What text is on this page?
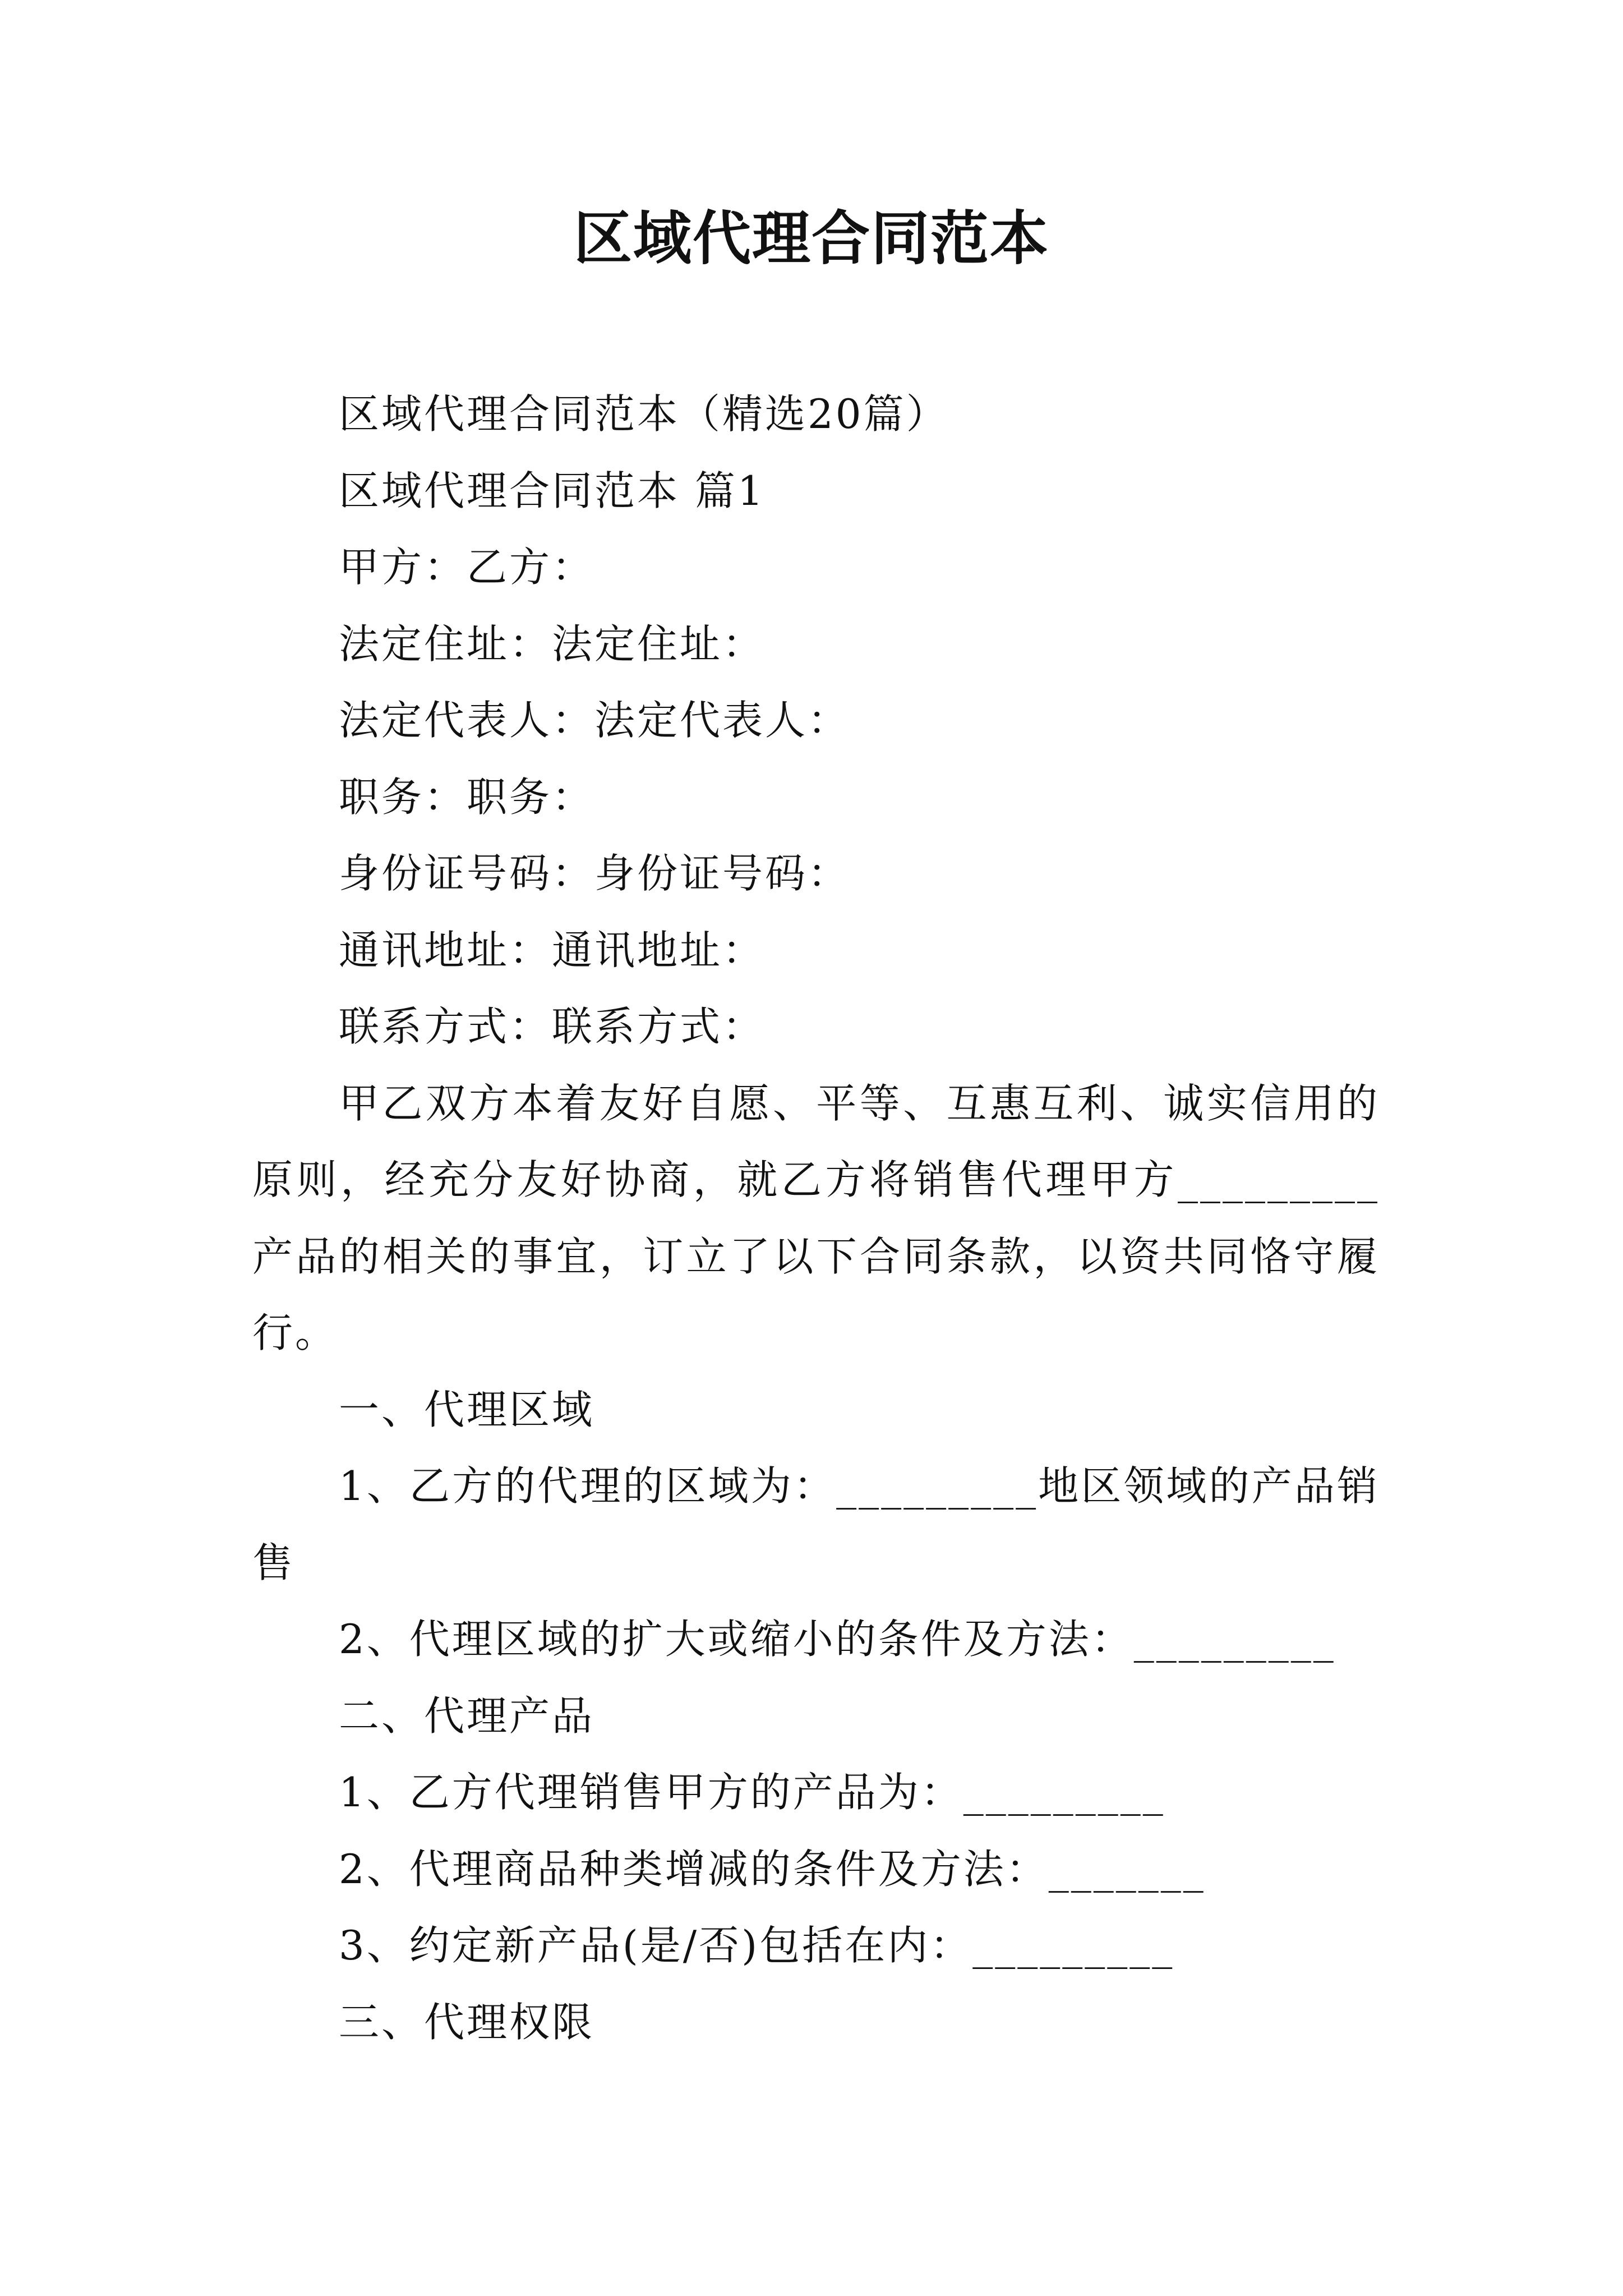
区域代理合同范本

区域代理合同范本（精选20篇）

区域代理合同范本 篇1

甲方：乙方：

法定住址：法定住址：

法定代表人：法定代表人：

职务：职务：

身份证号码：身份证号码：

通讯地址：通讯地址：

联系方式：联系方式：

甲乙双方本着友好自愿、平等、互惠互利、诚实信用的原则，经充分友好协商，就乙方将销售代理甲方_________产品的相关的事宜，订立了以下合同条款，以资共同恪守履行。

一、代理区域

1、乙方的代理的区域为：_________地区领域的产品销售

2、代理区域的扩大或缩小的条件及方法：_________

二、代理产品

1、乙方代理销售甲方的产品为：_________

2、代理商品种类增减的条件及方法：_______

3、约定新产品(是/否)包括在内：_________

三、代理权限
